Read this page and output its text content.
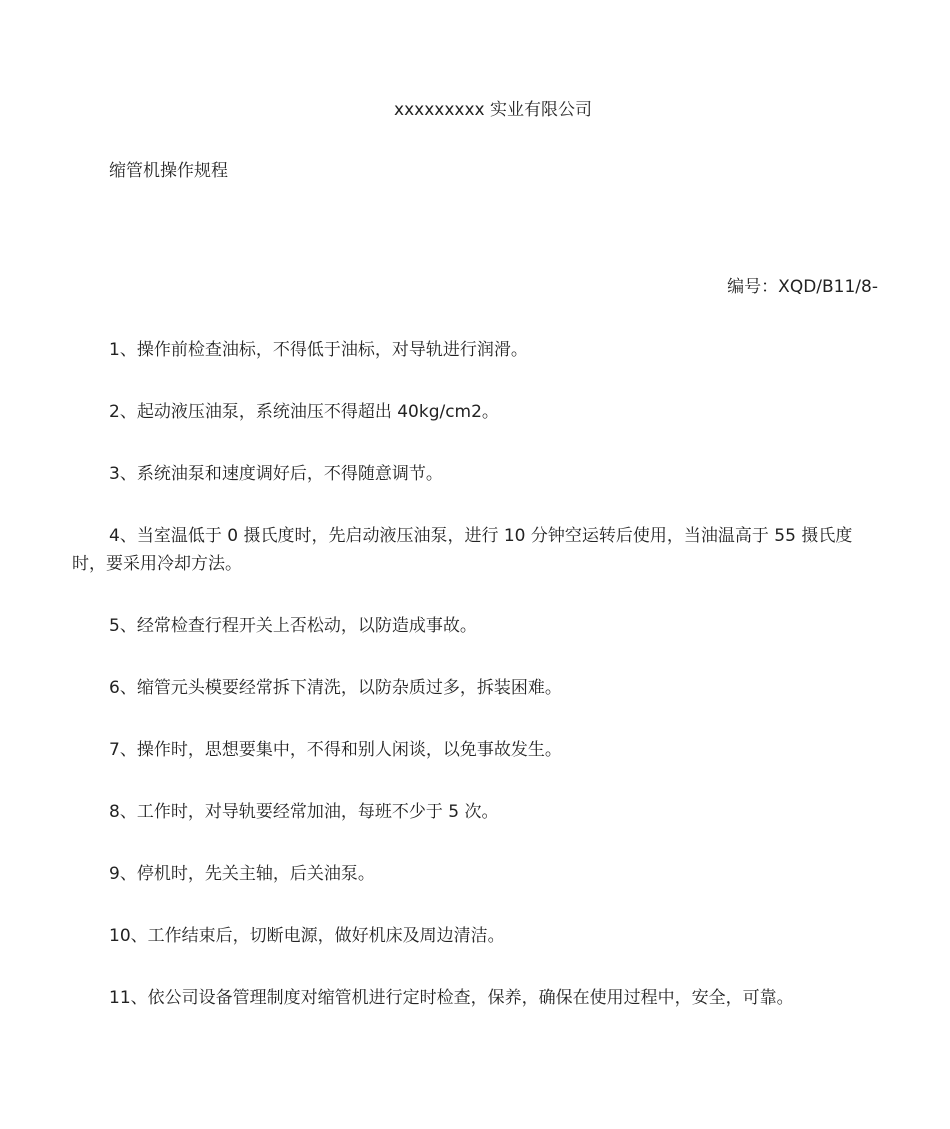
xxxxxxxxx 实业有限公司
缩管机操作规程
编号：XQD/B11/8-
1、操作前检查油标，不得低于油标，对导轨进行润滑。
2、起动液压油泵，系统油压不得超出 40kg/cm2。
3、系统油泵和速度调好后，不得随意调节。
4、当室温低于 0 摄氏度时，先启动液压油泵，进行 10 分钟空运转后使用，当油温高于 55 摄氏度时，要采用冷却方法。
5、经常检查行程开关上否松动，以防造成事故。
6、缩管元头模要经常拆下清洗，以防杂质过多，拆装困难。
7、操作时，思想要集中，不得和别人闲谈，以免事故发生。
8、工作时，对导轨要经常加油，每班不少于 5 次。
9、停机时，先关主轴，后关油泵。
10、工作结束后，切断电源，做好机床及周边清洁。
11、依公司设备管理制度对缩管机进行定时检查，保养，确保在使用过程中，安全，可靠。
